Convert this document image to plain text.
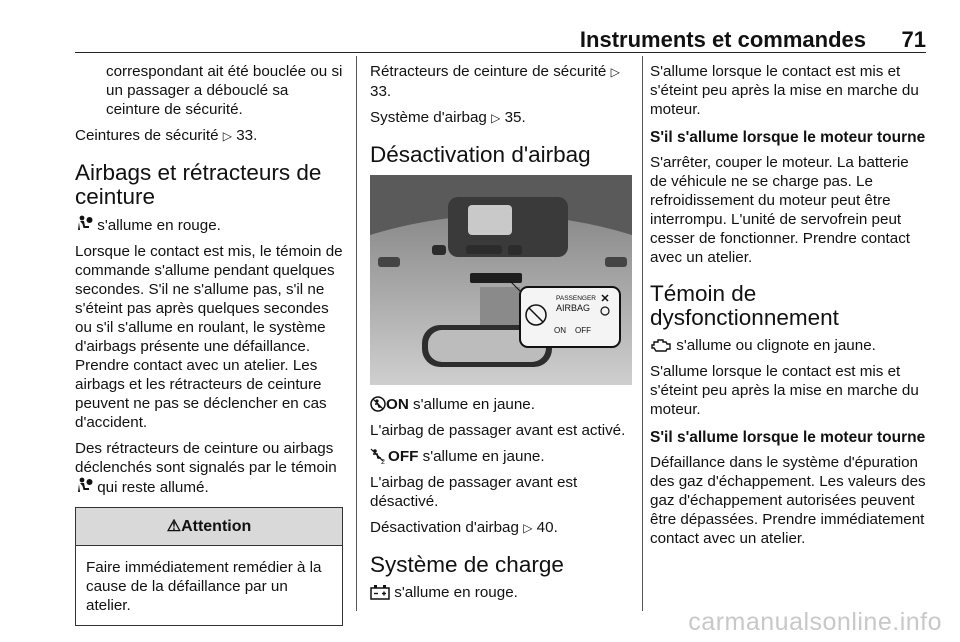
Instruments et commandes 71

correspondant ait été bouclée ou si un passager a débouclé sa ceinture de sécurité.

Ceintures de sécurité ▷ 33.

Airbags et rétracteurs de ceinture

s'allume en rouge.

Lorsque le contact est mis, le témoin de commande s'allume pendant quelques secondes. S'il ne s'allume pas, s'il ne s'éteint pas après quelques secondes ou s'il s'allume en roulant, le système d'airbags présente une défaillance. Prendre contact avec un atelier. Les airbags et les rétracteurs de ceinture peuvent ne pas se déclencher en cas d'accident.

Des rétracteurs de ceinture ou airbags déclenchés sont signalés par le témoin  qui reste allumé.

⚠Attention
Faire immédiatement remédier à la cause de la défaillance par un atelier.

Rétracteurs de ceinture de sécurité ▷ 33.

Système d'airbag ▷ 35.

Désactivation d'airbag
PASSENGER
AIRBAG
ON OFF

ON s'allume en jaune.

L'airbag de passager avant est activé.

2 OFF s'allume en jaune.

L'airbag de passager avant est désactivé.

Désactivation d'airbag ▷ 40.

Système de charge

s'allume en rouge.

S'allume lorsque le contact est mis et s'éteint peu après la mise en marche du moteur.

S'il s'allume lorsque le moteur tourne

S'arrêter, couper le moteur. La batterie de véhicule ne se charge pas. Le refroidissement du moteur peut être interrompu. L'unité de servofrein peut cesser de fonctionner. Prendre contact avec un atelier.

Témoin de dysfonctionnement

s'allume ou clignote en jaune.

S'allume lorsque le contact est mis et s'éteint peu après la mise en marche du moteur.

S'il s'allume lorsque le moteur tourne

Défaillance dans le système d'épuration des gaz d'échappement. Les valeurs des gaz d'échappement autorisées peuvent être dépassées. Prendre immédiatement contact avec un atelier.

carmanualsonline.info
